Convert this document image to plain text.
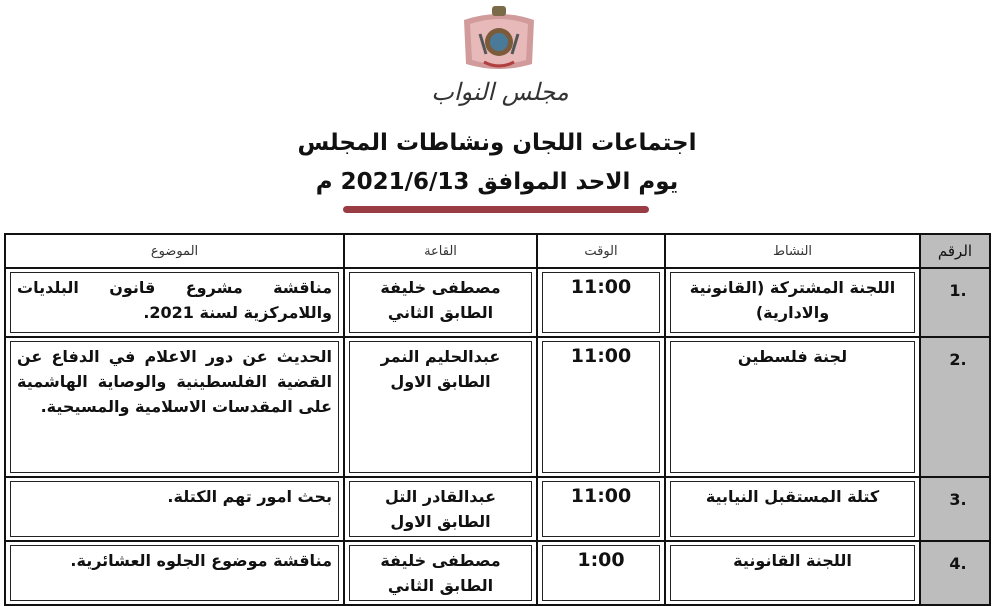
مجلس النواب
اجتماعات اللجان ونشاطات المجلس
يوم الاحد الموافق 2021/6/13 م
الرقم	النشاط	الوقت	القاعة	الموضوع
1.	اللجنة المشتركة (القانونية والادارية)	11:00	مصطفى خليفة الطابق الثاني	مناقشة مشروع قانون البلديات واللامركزية لسنة 2021.

2.	لجنة فلسطين	11:00	عبدالحليم النمر الطابق الاول	الحديث عن دور الاعلام في الدفاع عن القضية الفلسطينية والوصاية الهاشمية على المقدسات الاسلامية والمسيحية.

3.	كتلة المستقبل النيابية	11:00	عبدالقادر التل الطابق الاول	بحث امور تهم الكتلة.

4.	اللجنة القانونية	1:00	مصطفى خليفة الطابق الثاني	مناقشة موضوع الجلوه العشائرية.
